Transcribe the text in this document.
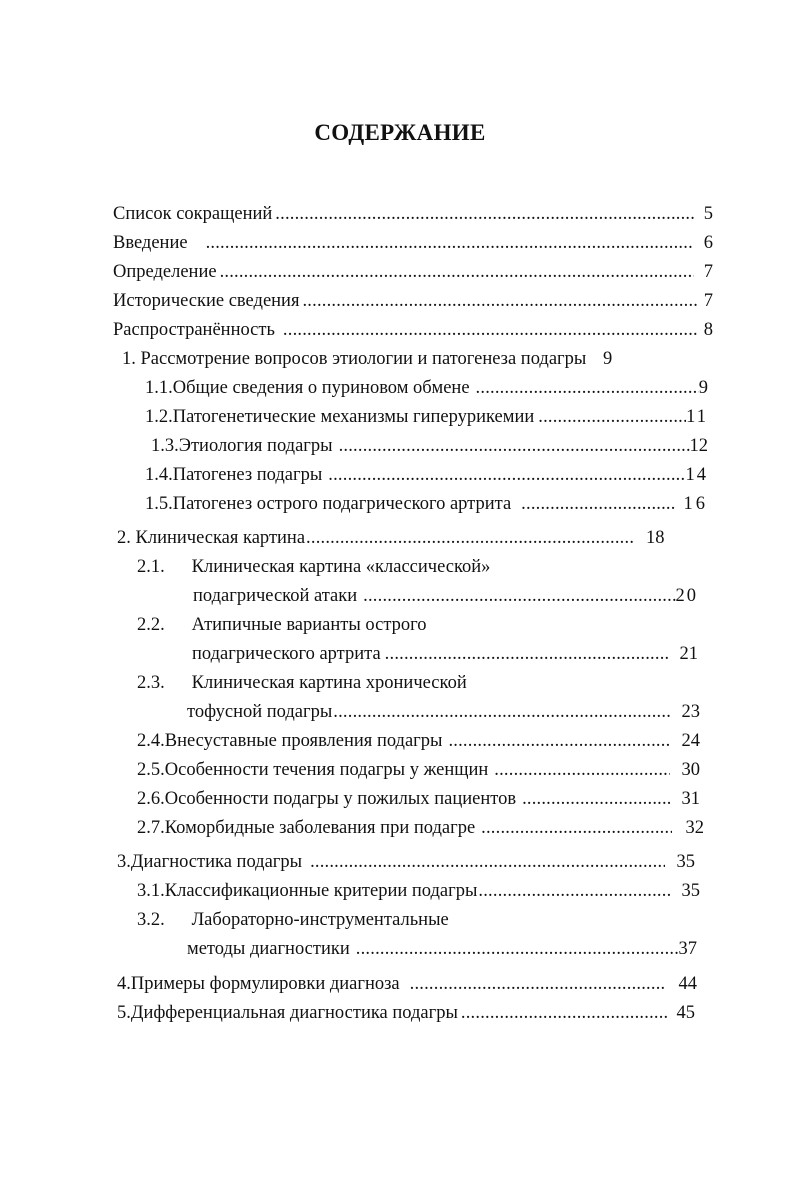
СОДЕРЖАНИЕ
Список сокращений .....	5
Введение .....	6
Определение .....	7
Исторические сведения .....	7
Распространённость .....	8
1. Рассмотрение вопросов этиологии и патогенеза подагры 9
1.1. Общие сведения о пуриновом обмене .....	9
1.2. Патогенетические механизмы гиперурикемии .....	11
1.3. Этиология подагры .....	12
1.4. Патогенез подагры .....	14
1.5. Патогенез острого подагрического артрита .....	16
2. Клиническая картина .....	18
2.1. Клиническая картина «классической»
подагрической атаки .....	20
2.2. Атипичные варианты острого
подагрического артрита .....	21
2.3. Клиническая картина хронической
тофусной подагры .....	23
2.4. Внесуставные проявления подагры .....	24
2.5. Особенности течения подагры у женщин .....	30
2.6. Особенности подагры у пожилых пациентов .....	31
2.7. Коморбидные заболевания при подагре .....	32
3.Диагностика подагры .....	35
3.1. Классификационные критерии подагры .....	35
3.2. Лабораторно-инструментальные
методы диагностики .....	37
4.Примеры формулировки диагноза .....	44
5.Дифференциальная диагностика подагры .....	45
